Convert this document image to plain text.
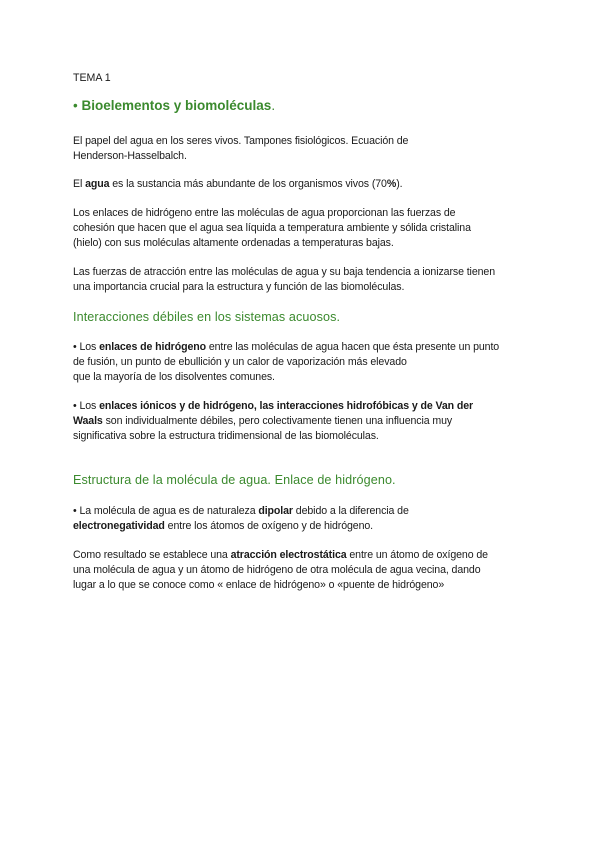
TEMA 1

• Bioelementos y biomoléculas.

El papel del agua en los seres vivos. Tampones fisiológicos. Ecuación de

Henderson-Hasselbalch.

El agua es la sustancia más abundante de los organismos vivos (70%).

Los enlaces de hidrógeno entre las moléculas de agua proporcionan las fuerzas de

cohesión que hacen que el agua sea líquida a temperatura ambiente y sólida cristalina

(hielo) con sus moléculas altamente ordenadas a temperaturas bajas.

Las fuerzas de atracción entre las moléculas de agua y su baja tendencia a ionizarse tienen

una importancia crucial para la estructura y función de las biomoléculas.

Interacciones débiles en los sistemas acuosos.

• Los enlaces de hidrógeno entre las moléculas de agua hacen que ésta presente un punto

de fusión, un punto de ebullición y un calor de vaporización más elevado

que la mayoría de los disolventes comunes.

• Los enlaces iónicos y de hidrógeno, las interacciones hidrofóbicas y de Van der

Waals son individualmente débiles, pero colectivamente tienen una influencia muy

significativa sobre la estructura tridimensional de las biomoléculas.

Estructura de la molécula de agua. Enlace de hidrógeno.

• La molécula de agua es de naturaleza dipolar debido a la diferencia de

electronegatividad entre los átomos de oxígeno y de hidrógeno.

Como resultado se establece una atracción electrostática entre un átomo de oxígeno de

una molécula de agua y un átomo de hidrógeno de otra molécula de agua vecina, dando

lugar a lo que se conoce como « enlace de hidrógeno» o «puente de hidrógeno»
